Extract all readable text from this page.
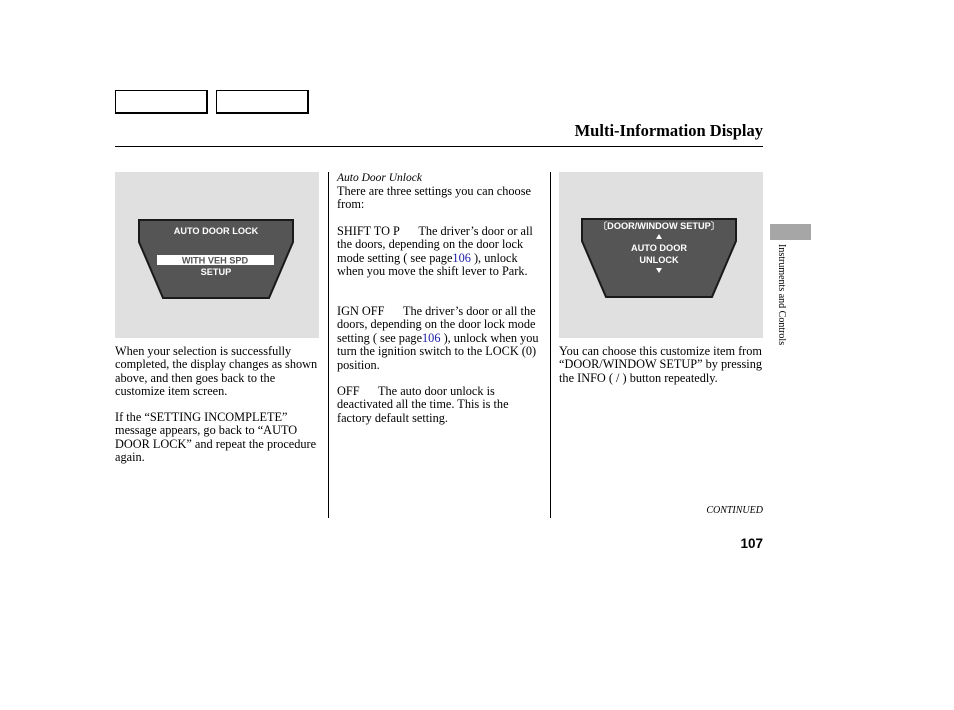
Multi-Information Display
AUTO DOOR LOCK
WITH VEH SPD
SETUP

When your selection is successfully completed, the display changes as shown above, and then goes back to the customize item screen.

If the “SETTING INCOMPLETE” message appears, go back to “AUTO DOOR LOCK” and repeat the procedure again.

Auto Door Unlock

There are three settings you can choose from:

SHIFT TO P The driver’s door or all the doors, depending on the door lock mode setting ( see page106 ), unlock when you move the shift lever to Park.

IGN OFF The driver’s door or all the doors, depending on the door lock mode setting ( see page106 ), unlock when you turn the ignition switch to the LOCK (0) position.

OFF The auto door unlock is deactivated all the time. This is the factory default setting.

〔DOOR/WINDOW SETUP〕
AUTO DOOR
UNLOCK

You can choose this customize item from “DOOR/WINDOW SETUP” by pressing the INFO ( / ) button repeatedly.

Instruments and Controls
CONTINUED
107
